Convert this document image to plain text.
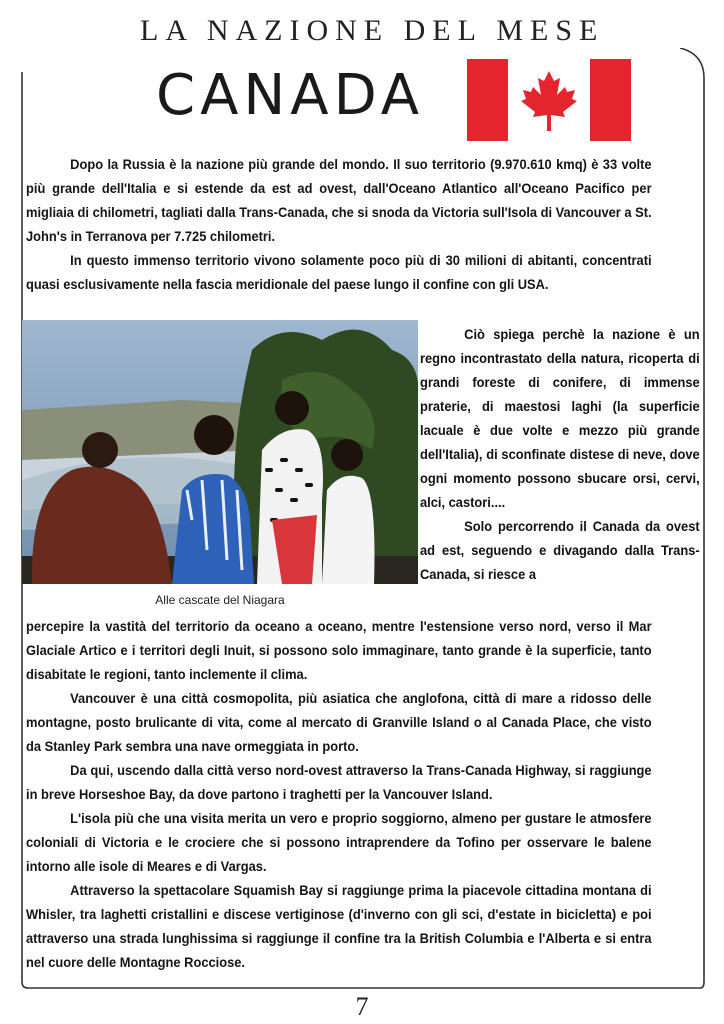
LA NAZIONE DEL MESE
CANADA

Dopo la Russia è la nazione più grande del mondo. Il suo territorio (9.970.610 kmq) è 33 volte più grande dell'Italia e si estende da est ad ovest, dall'Oceano Atlantico all'Oceano Pacifico per migliaia di chilometri, tagliati dalla Trans-Canada, che si snoda da Victoria sull'Isola di Vancouver a St. John's in Terranova per 7.725 chilometri.

In questo immenso territorio vivono solamente poco più di 30 milioni di abitanti, concentrati quasi esclusivamente nella fascia meridionale del paese lungo il confine con gli USA.

Alle cascate del Niagara

Ciò spiega perchè la nazione è un regno incontrastato della natura, ricoperta di grandi foreste di conifere, di immense praterie, di maestosi laghi (la superficie lacuale è due volte e mezzo più grande dell'Italia), di sconfinate distese di neve, dove ogni momento possono sbucare orsi, cervi, alci, castori....

Solo percorrendo il Canada da ovest ad est, seguendo e divagando dalla Trans-Canada, si riesce a

percepire la vastità del territorio da oceano a oceano, mentre l'estensione verso nord, verso il Mar Glaciale Artico e i territori degli Inuit, si possono solo immaginare, tanto grande è la superficie, tanto disabitate le regioni, tanto inclemente il clima.

Vancouver è una città cosmopolita, più asiatica che anglofona, città di mare a ridosso delle montagne, posto brulicante di vita, come al mercato di Granville Island o al Canada Place, che visto da Stanley Park sembra una nave ormeggiata in porto.

Da qui, uscendo dalla città verso nord-ovest attraverso la Trans-Canada Highway, si raggiunge in breve Horseshoe Bay, da dove partono i traghetti per la Vancouver Island.

L'isola più che una visita merita un vero e proprio soggiorno, almeno per gustare le atmosfere coloniali di Victoria e le crociere che si possono intraprendere da Tofino per osservare le balene intorno alle isole di Meares e di Vargas.

Attraverso la spettacolare Squamish Bay si raggiunge prima la piacevole cittadina montana di Whisler, tra laghetti cristallini e discese vertiginose (d'inverno con gli sci, d'estate in bicicletta) e poi attraverso una strada lunghissima si raggiunge il confine tra la British Columbia e l'Alberta e si entra nel cuore delle Montagne Rocciose.

7
